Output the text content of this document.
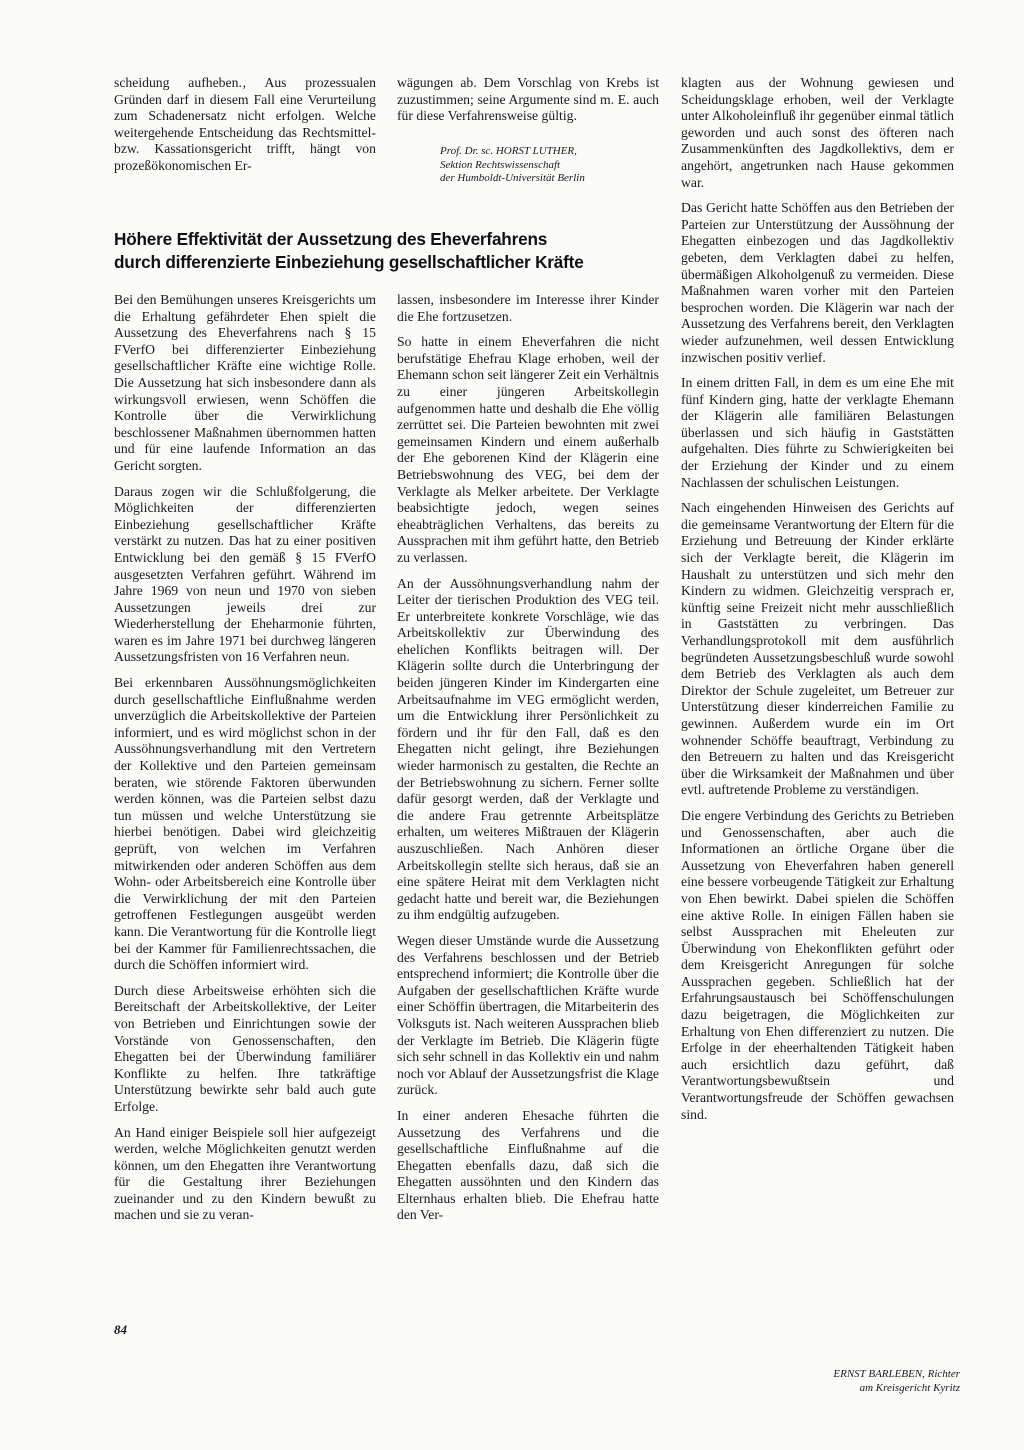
scheidung aufheben.‚ Aus prozessualen Gründen darf in diesem Fall eine Verurteilung zum Schadenersatz nicht erfolgen. Welche weitergehende Entscheidung das Rechtsmittel- bzw. Kassationsgericht trifft, hängt von prozeßökonomischen Er-

wägungen ab. Dem Vorschlag von Krebs ist zuzustimmen; seine Argumente sind m. E. auch für diese Verfahrensweise gültig.

Prof. Dr. sc. HORST LUTHER,
Sektion Rechtswissenschaft
der Humboldt-Universität Berlin
Höhere Effektivität der Aussetzung des Eheverfahrens
durch differenzierte Einbeziehung gesellschaftlicher Kräfte

Bei den Bemühungen unseres Kreisgerichts um die Erhaltung gefährdeter Ehen spielt die Aussetzung des Eheverfahrens nach § 15 FVerfO bei differenzierter Einbeziehung gesellschaftlicher Kräfte eine wichtige Rolle. Die Aussetzung hat sich insbesondere dann als wirkungsvoll erwiesen, wenn Schöffen die Kontrolle über die Verwirklichung beschlossener Maßnahmen übernommen hatten und für eine laufende Information an das Gericht sorgten.

Daraus zogen wir die Schlußfolgerung, die Möglichkeiten der differenzierten Einbeziehung gesellschaftlicher Kräfte verstärkt zu nutzen. Das hat zu einer positiven Entwicklung bei den gemäß § 15 FVerfO ausgesetzten Verfahren geführt. Während im Jahre 1969 von neun und 1970 von sieben Aussetzungen jeweils drei zur Wiederherstellung der Eheharmonie führten, waren es im Jahre 1971 bei durchweg längeren Aussetzungsfristen von 16 Verfahren neun.

Bei erkennbaren Aussöhnungsmöglichkeiten durch gesellschaftliche Einflußnahme werden unverzüglich die Arbeitskollektive der Parteien informiert, und es wird möglichst schon in der Aussöhnungsverhandlung mit den Vertretern der Kollektive und den Parteien gemeinsam beraten, wie störende Faktoren überwunden werden können, was die Parteien selbst dazu tun müssen und welche Unterstützung sie hierbei benötigen. Dabei wird gleichzeitig geprüft, von welchen im Verfahren mitwirkenden oder anderen Schöffen aus dem Wohn- oder Arbeitsbereich eine Kontrolle über die Verwirklichung der mit den Parteien getroffenen Festlegungen ausgeübt werden kann. Die Verantwortung für die Kontrolle liegt bei der Kammer für Familienrechtssachen, die durch die Schöffen informiert wird.

Durch diese Arbeitsweise erhöhten sich die Bereitschaft der Arbeitskollektive, der Leiter von Betrieben und Einrichtungen sowie der Vorstände von Genossenschaften, den Ehegatten bei der Überwindung familiärer Konflikte zu helfen. Ihre tatkräftige Unterstützung bewirkte sehr bald auch gute Erfolge.

An Hand einiger Beispiele soll hier aufgezeigt werden, welche Möglichkeiten genutzt werden können, um den Ehegatten ihre Verantwortung für die Gestaltung ihrer Beziehungen zueinander und zu den Kindern bewußt zu machen und sie zu veran-

lassen, insbesondere im Interesse ihrer Kinder die Ehe fortzusetzen.

So hatte in einem Eheverfahren die nicht berufstätige Ehefrau Klage erhoben, weil der Ehemann schon seit längerer Zeit ein Verhältnis zu einer jüngeren Arbeitskollegin aufgenommen hatte und deshalb die Ehe völlig zerrüttet sei. Die Parteien bewohnten mit zwei gemeinsamen Kindern und einem außerhalb der Ehe geborenen Kind der Klägerin eine Betriebswohnung des VEG, bei dem der Verklagte als Melker arbeitete. Der Verklagte beabsichtigte jedoch, wegen seines eheabträglichen Verhaltens, das bereits zu Aussprachen mit ihm geführt hatte, den Betrieb zu verlassen.

An der Aussöhnungsverhandlung nahm der Leiter der tierischen Produktion des VEG teil. Er unterbreitete konkrete Vorschläge, wie das Arbeitskollektiv zur Überwindung des ehelichen Konflikts beitragen will. Der Klägerin sollte durch die Unterbringung der beiden jüngeren Kinder im Kindergarten eine Arbeitsaufnahme im VEG ermöglicht werden, um die Entwicklung ihrer Persönlichkeit zu fördern und ihr für den Fall, daß es den Ehegatten nicht gelingt, ihre Beziehungen wieder harmonisch zu gestalten, die Rechte an der Betriebswohnung zu sichern. Ferner sollte dafür gesorgt werden, daß der Verklagte und die andere Frau getrennte Arbeitsplätze erhalten, um weiteres Mißtrauen der Klägerin auszuschließen. Nach Anhören dieser Arbeitskollegin stellte sich heraus, daß sie an eine spätere Heirat mit dem Verklagten nicht gedacht hatte und bereit war, die Beziehungen zu ihm endgültig aufzugeben.

Wegen dieser Umstände wurde die Aussetzung des Verfahrens beschlossen und der Betrieb entsprechend informiert; die Kontrolle über die Aufgaben der gesellschaftlichen Kräfte wurde einer Schöffin übertragen, die Mitarbeiterin des Volksguts ist. Nach weiteren Aussprachen blieb der Verklagte im Betrieb. Die Klägerin fügte sich sehr schnell in das Kollektiv ein und nahm noch vor Ablauf der Aussetzungsfrist die Klage zurück.

In einer anderen Ehesache führten die Aussetzung des Verfahrens und die gesellschaftliche Einflußnahme auf die Ehegatten ebenfalls dazu, daß sich die Ehegatten aussöhnten und den Kindern das Elternhaus erhalten blieb. Die Ehefrau hatte den Ver-

klagten aus der Wohnung gewiesen und Scheidungsklage erhoben, weil der Verklagte unter Alkoholeinfluß ihr gegenüber einmal tätlich geworden und auch sonst des öfteren nach Zusammenkünften des Jagdkollektivs, dem er angehört, angetrunken nach Hause gekommen war.

Das Gericht hatte Schöffen aus den Betrieben der Parteien zur Unterstützung der Aussöhnung der Ehegatten einbezogen und das Jagdkollektiv gebeten, dem Verklagten dabei zu helfen, übermäßigen Alkoholgenuß zu vermeiden. Diese Maßnahmen waren vorher mit den Parteien besprochen worden. Die Klägerin war nach der Aussetzung des Verfahrens bereit, den Verklagten wieder aufzunehmen, weil dessen Entwicklung inzwischen positiv verlief.

In einem dritten Fall, in dem es um eine Ehe mit fünf Kindern ging, hatte der verklagte Ehemann der Klägerin alle familiären Belastungen überlassen und sich häufig in Gaststätten aufgehalten. Dies führte zu Schwierigkeiten bei der Erziehung der Kinder und zu einem Nachlassen der schulischen Leistungen.

Nach eingehenden Hinweisen des Gerichts auf die gemeinsame Verantwortung der Eltern für die Erziehung und Betreuung der Kinder erklärte sich der Verklagte bereit, die Klägerin im Haushalt zu unterstützen und sich mehr den Kindern zu widmen. Gleichzeitig versprach er, künftig seine Freizeit nicht mehr ausschließlich in Gaststätten zu verbringen. Das Verhandlungsprotokoll mit dem ausführlich begründeten Aussetzungsbeschluß wurde sowohl dem Betrieb des Verklagten als auch dem Direktor der Schule zugeleitet, um Betreuer zur Unterstützung dieser kinderreichen Familie zu gewinnen. Außerdem wurde ein im Ort wohnender Schöffe beauftragt, Verbindung zu den Betreuern zu halten und das Kreisgericht über die Wirksamkeit der Maßnahmen und über evtl. auftretende Probleme zu verständigen.

Die engere Verbindung des Gerichts zu Betrieben und Genossenschaften, aber auch die Informationen an örtliche Organe über die Aussetzung von Eheverfahren haben generell eine bessere vorbeugende Tätigkeit zur Erhaltung von Ehen bewirkt. Dabei spielen die Schöffen eine aktive Rolle. In einigen Fällen haben sie selbst Aussprachen mit Eheleuten zur Überwindung von Ehekonflikten geführt oder dem Kreisgericht Anregungen für solche Aussprachen gegeben. Schließlich hat der Erfahrungsaustausch bei Schöffenschulungen dazu beigetragen, die Möglichkeiten zur Erhaltung von Ehen differenziert zu nutzen. Die Erfolge in der eheerhaltenden Tätigkeit haben auch ersichtlich dazu geführt, daß Verantwortungsbewußtsein und Verantwortungsfreude der Schöffen gewachsen sind.

ERNST BARLEBEN, Richter
am Kreisgericht Kyritz
84
